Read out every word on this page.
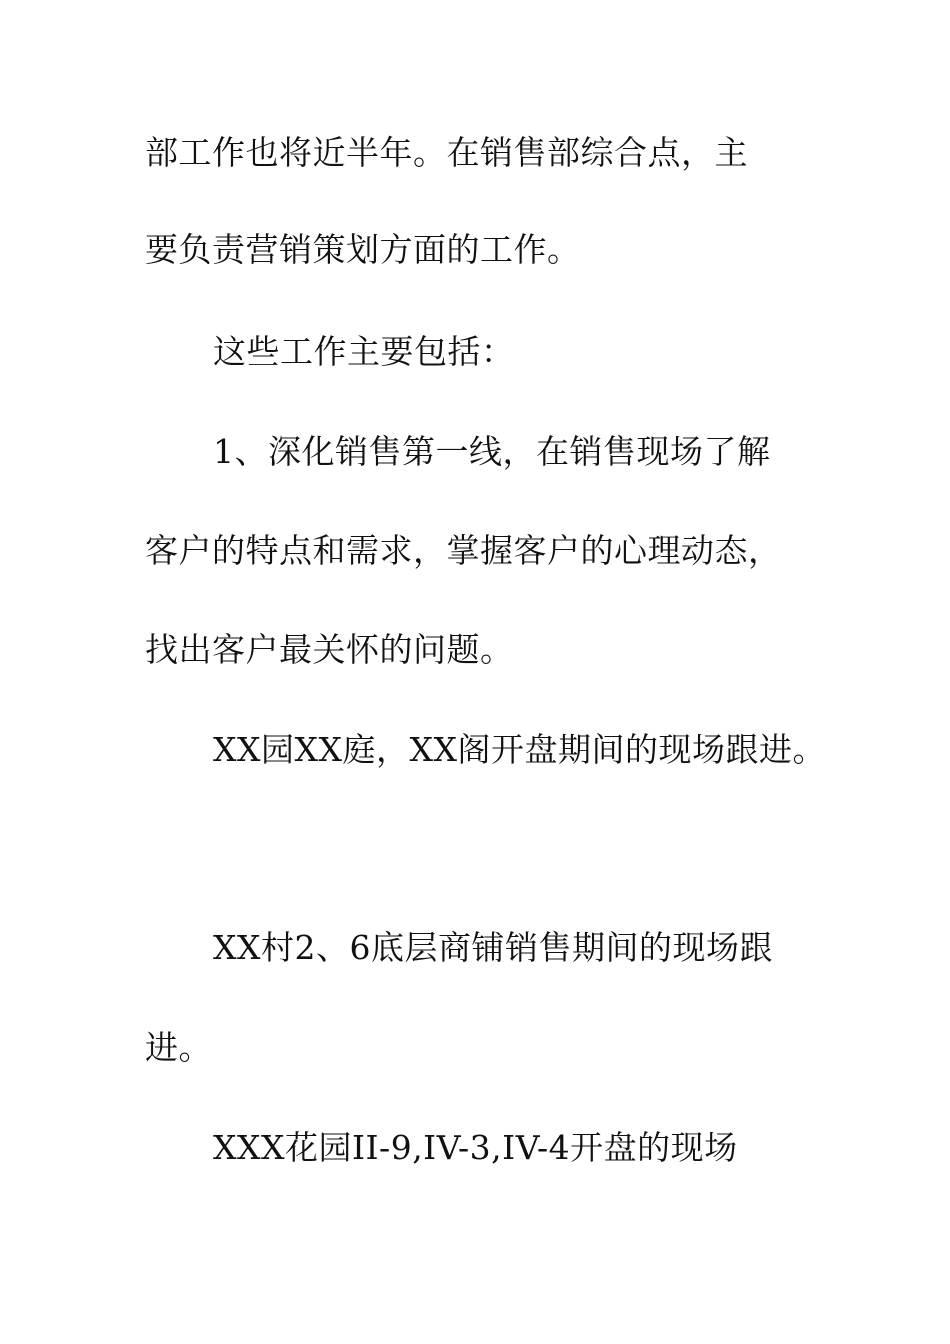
部工作也将近半年。在销售部综合点，主
要负责营销策划方面的工作。
这些工作主要包括：
1、深化销售第一线，在销售现场了解
客户的特点和需求，掌握客户的心理动态，
找出客户最关怀的问题。
XX园XX庭，XX阁开盘期间的现场跟进。
XX村2、6底层商铺销售期间的现场跟
进。
XXX花园II-9,IV-3,IV-4开盘的现场
